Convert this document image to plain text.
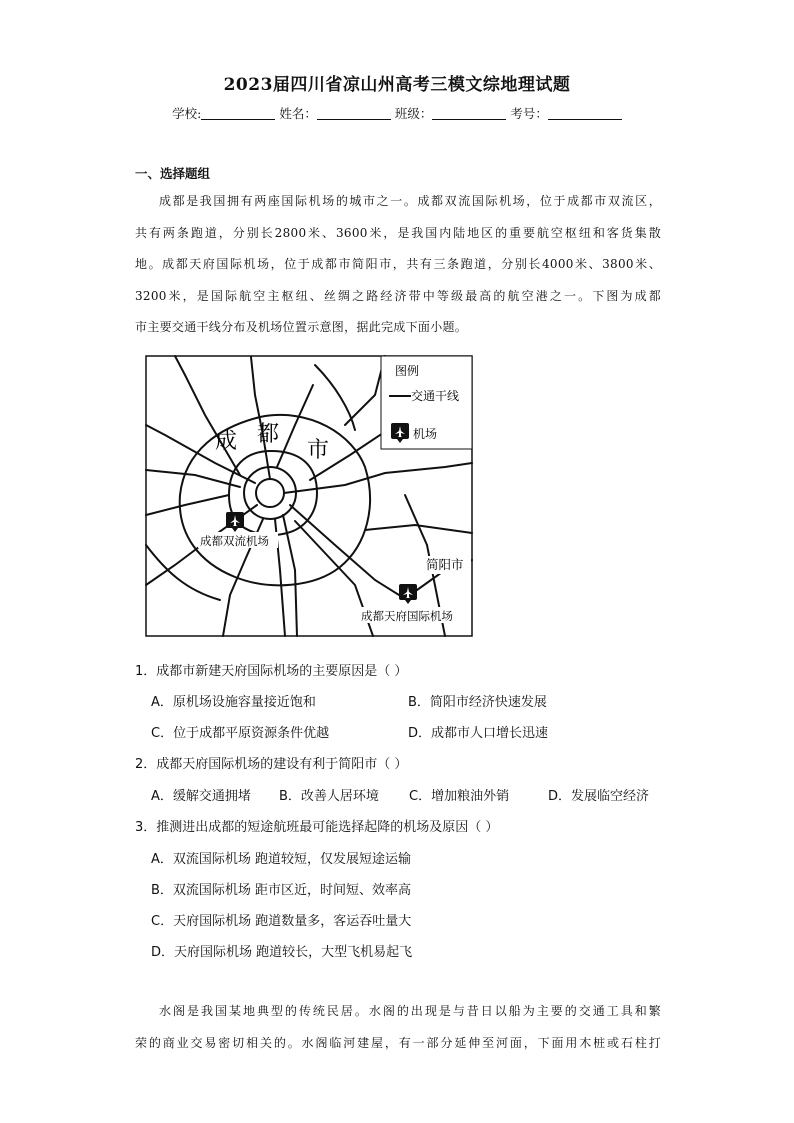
2023届四川省凉山州高考三模文综地理试题
学校:	姓名：	班级：	考号：
一、选择题组
成都是我国拥有两座国际机场的城市之一。成都双流国际机场，位于成都市双流区，
共有两条跑道，分别长2800米、3600米，是我国内陆地区的重要航空枢纽和客货集散
地。成都天府国际机场，位于成都市简阳市，共有三条跑道，分别长4000米、3800米、
3200米，是国际航空主枢纽、丝绸之路经济带中等级最高的航空港之一。下图为成都
市主要交通干线分布及机场位置示意图，据此完成下面小题。
成 都
市
图例
交通干线
机场
成都双流机场
简阳市
成都天府国际机场
1．成都市新建天府国际机场的主要原因是（ ）
A．原机场设施容量接近饱和	B．简阳市经济快速发展
C．位于成都平原资源条件优越	D．成都市人口增长迅速
2．成都天府国际机场的建设有利于简阳市（ ）
A．缓解交通拥堵 B．改善人居环境 C．增加粮油外销	D．发展临空经济
3．推测进出成都的短途航班最可能选择起降的机场及原因（ ）
A．双流国际机场 跑道较短，仅发展短途运输
B．双流国际机场 距市区近，时间短、效率高
C．天府国际机场 跑道数量多，客运吞吐量大
D．天府国际机场 跑道较长，大型飞机易起飞
水阁是我国某地典型的传统民居。水阁的出现是与昔日以船为主要的交通工具和繁
荣的商业交易密切相关的。水阁临河建屋，有一部分延伸至河面，下面用木桩或石柱打
